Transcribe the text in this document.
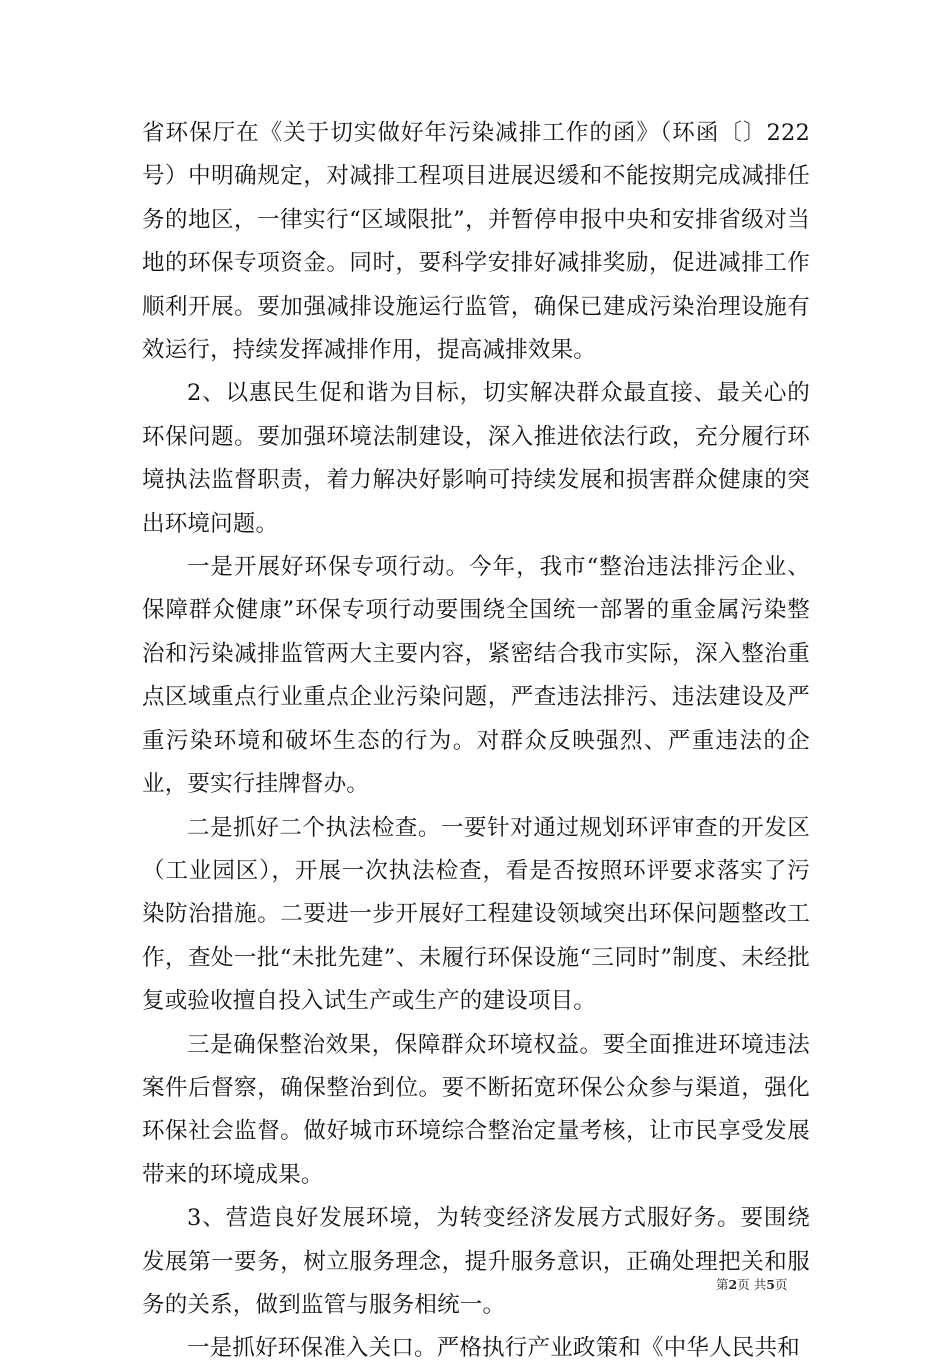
省环保厅在《关于切实做好年污染减排工作的函》（环函〔〕222号）中明确规定，对减排工程项目进展迟缓和不能按期完成减排任务的地区，一律实行“区域限批”，并暂停申报中央和安排省级对当地的环保专项资金。同时，要科学安排好减排奖励，促进减排工作顺利开展。要加强减排设施运行监管，确保已建成污染治理设施有效运行，持续发挥减排作用，提高减排效果。

2、以惠民生促和谐为目标，切实解决群众最直接、最关心的环保问题。要加强环境法制建设，深入推进依法行政，充分履行环境执法监督职责，着力解决好影响可持续发展和损害群众健康的突出环境问题。

一是开展好环保专项行动。今年，我市“整治违法排污企业、保障群众健康”环保专项行动要围绕全国统一部署的重金属污染整治和污染减排监管两大主要内容，紧密结合我市实际，深入整治重点区域重点行业重点企业污染问题，严查违法排污、违法建设及严重污染环境和破坏生态的行为。对群众反映强烈、严重违法的企业，要实行挂牌督办。

二是抓好二个执法检查。一要针对通过规划环评审查的开发区（工业园区），开展一次执法检查，看是否按照环评要求落实了污染防治措施。二要进一步开展好工程建设领域突出环保问题整改工作，查处一批“未批先建”、未履行环保设施“三同时”制度、未经批复或验收擅自投入试生产或生产的建设项目。

三是确保整治效果，保障群众环境权益。要全面推进环境违法案件后督察，确保整治到位。要不断拓宽环保公众参与渠道，强化环保社会监督。做好城市环境综合整治定量考核，让市民享受发展带来的环境成果。

3、营造良好发展环境，为转变经济发展方式服好务。要围绕发展第一要务，树立服务理念，提升服务意识，正确处理把关和服务的关系，做到监管与服务相统一。

一是抓好环保准入关口。严格执行产业政策和《中华人民共和

第2页 共5页
